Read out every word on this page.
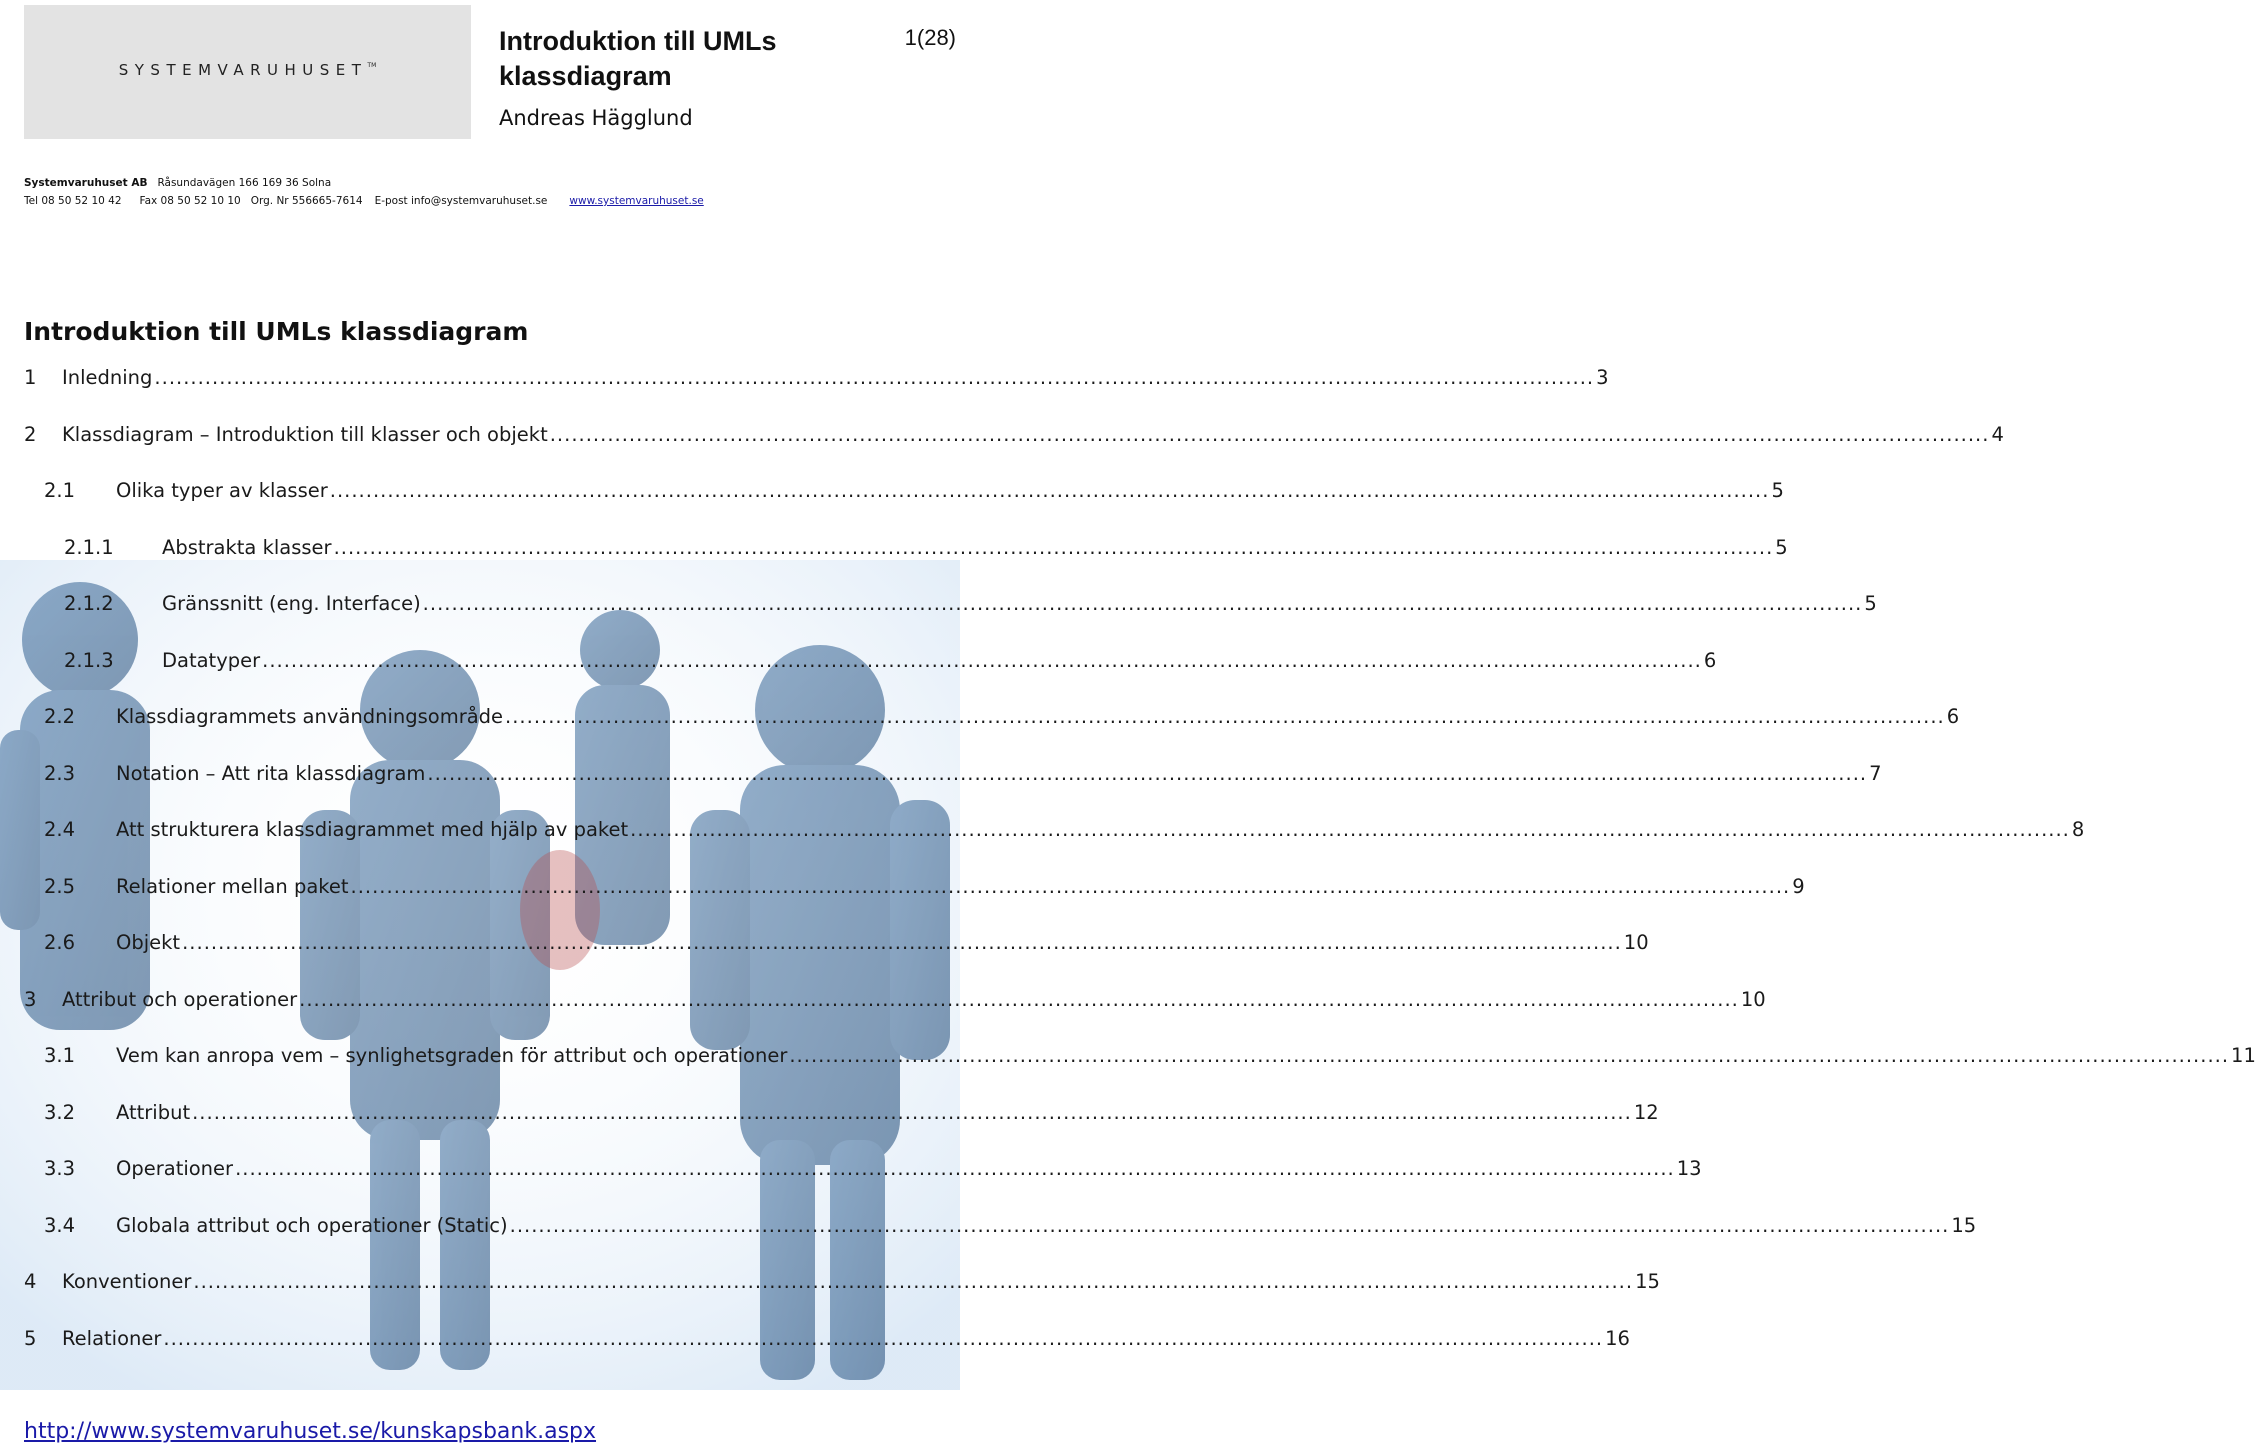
SYSTEMVARUHUSET™
Introduktion till UMLs klassdiagram
1(28)
Andreas Hägglund
Systemvaruhuset AB Råsundavägen 166 169 36 Solna
Tel 08 50 52 10 42 Fax 08 50 52 10 10 Org. Nr 556665-7614 E-post info@systemvaruhuset.se www.systemvaruhuset.se
Introduktion till UMLs klassdiagram
1	Inledning ........................................................................................................................................................................................................ 3
2	Klassdiagram – Introduktion till klasser och objekt ........................................................................................................................................................................................................ 4
2.1	Olika typer av klasser ........................................................................................................................................................................................................ 5
2.1.1	Abstrakta klasser ........................................................................................................................................................................................................ 5
2.1.2	Gränssnitt (eng. Interface) ........................................................................................................................................................................................................ 5
2.1.3	Datatyper ........................................................................................................................................................................................................ 6
2.2	Klassdiagrammets användningsområde ........................................................................................................................................................................................................ 6
2.3	Notation – Att rita klassdiagram ........................................................................................................................................................................................................ 7
2.4	Att strukturera klassdiagrammet med hjälp av paket ........................................................................................................................................................................................................ 8
2.5	Relationer mellan paket ........................................................................................................................................................................................................ 9
2.6	Objekt ........................................................................................................................................................................................................ 10
3	Attribut och operationer ........................................................................................................................................................................................................ 10
3.1	Vem kan anropa vem – synlighetsgraden för attribut och operationer ........................................................................................................................................................................................................ 11
3.2	Attribut ........................................................................................................................................................................................................ 12
3.3	Operationer ........................................................................................................................................................................................................ 13
3.4	Globala attribut och operationer (Static) ........................................................................................................................................................................................................ 15
4	Konventioner ........................................................................................................................................................................................................ 15
5	Relationer ........................................................................................................................................................................................................ 16
http://www.systemvaruhuset.se/kunskapsbank.aspx
